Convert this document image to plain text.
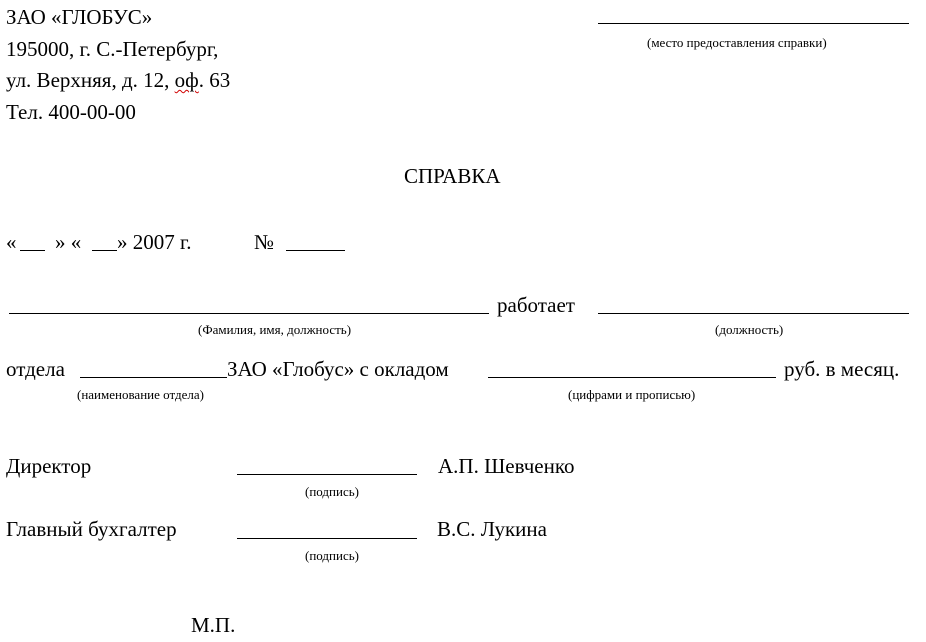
ЗАО «ГЛОБУС»
195000, г. С.-Петербург,
ул. Верхняя, д. 12, оф. 63
Тел. 400-00-00
(место предоставления справки)
СПРАВКА
« » « » 2007 г.	№
работает
(Фамилия, имя, должность)	(должность)
отдела	ЗАО «Глобус» с окладом	руб. в месяц.
(наименование отдела)	(цифрами и прописью)
Директор	А.П. Шевченко
(подпись)
Главный бухгалтер	В.С. Лукина
(подпись)
М.П.
